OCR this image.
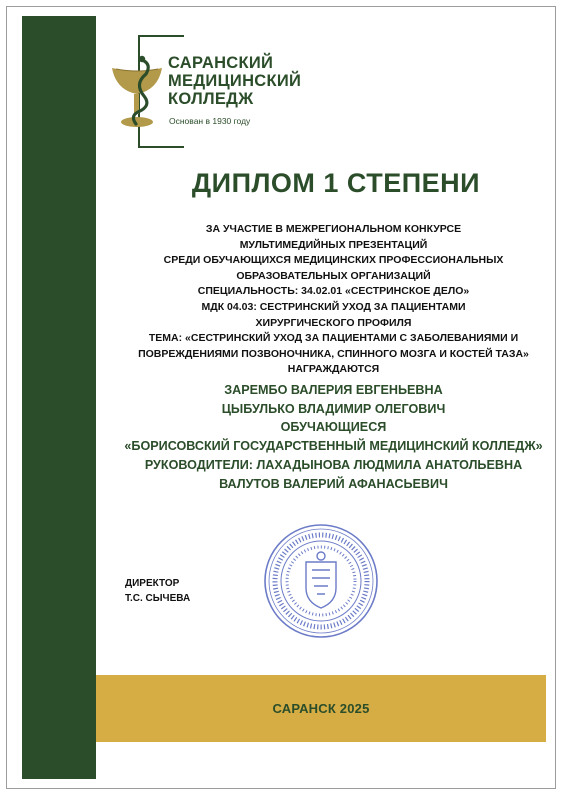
САРАНСКИЙ
МЕДИЦИНСКИЙ
КОЛЛЕДЖ
Основан в 1930 году
ДИПЛОМ 1 СТЕПЕНИ
ЗА УЧАСТИЕ В МЕЖРЕГИОНАЛЬНОМ КОНКУРСЕ
МУЛЬТИМЕДИЙНЫХ ПРЕЗЕНТАЦИЙ
СРЕДИ ОБУЧАЮЩИХСЯ МЕДИЦИНСКИХ ПРОФЕССИОНАЛЬНЫХ
ОБРАЗОВАТЕЛЬНЫХ ОРГАНИЗАЦИЙ
СПЕЦИАЛЬНОСТЬ: 34.02.01 «СЕСТРИНСКОЕ ДЕЛО»
МДК 04.03: СЕСТРИНСКИЙ УХОД ЗА ПАЦИЕНТАМИ
ХИРУРГИЧЕСКОГО ПРОФИЛЯ
ТЕМА: «СЕСТРИНСКИЙ УХОД ЗА ПАЦИЕНТАМИ С ЗАБОЛЕВАНИЯМИ И
ПОВРЕЖДЕНИЯМИ ПОЗВОНОЧНИКА, СПИННОГО МОЗГА И КОСТЕЙ ТАЗА»
НАГРАЖДАЮТСЯ
ЗАРЕМБО ВАЛЕРИЯ ЕВГЕНЬЕВНА
ЦЫБУЛЬКО ВЛАДИМИР ОЛЕГОВИЧ
ОБУЧАЮЩИЕСЯ
«БОРИСОВСКИЙ ГОСУДАРСТВЕННЫЙ МЕДИЦИНСКИЙ КОЛЛЕДЖ»
РУКОВОДИТЕЛИ: ЛАХАДЫНОВА ЛЮДМИЛА АНАТОЛЬЕВНА
ВАЛУТОВ ВАЛЕРИЙ АФАНАСЬЕВИЧ
ДИРЕКТОР
Т.С. СЫЧЕВА
САРАНСК 2025
